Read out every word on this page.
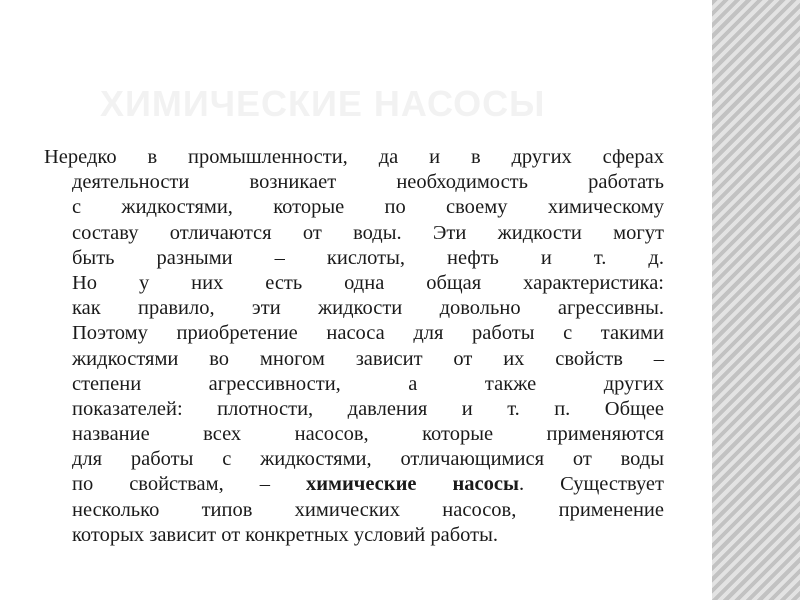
ХИМИЧЕСКИЕ НАСОСЫ
Нередко в промышленности, да и в других сферах
деятельности возникает необходимость работать
с жидкостями, которые по своему химическому
составу отличаются от воды. Эти жидкости могут
быть разными – кислоты, нефть и т. д.
Но у них есть одна общая характеристика:
как правило, эти жидкости довольно агрессивны.
Поэтому приобретение насоса для работы с такими
жидкостями во многом зависит от их свойств –
степени агрессивности, а также других
показателей: плотности, давления и т. п. Общее
название всех насосов, которые применяются
для работы с жидкостями, отличающимися от воды
по свойствам, – химические насосы. Существует
несколько типов химических насосов, применение
которых зависит от конкретных условий работы.
